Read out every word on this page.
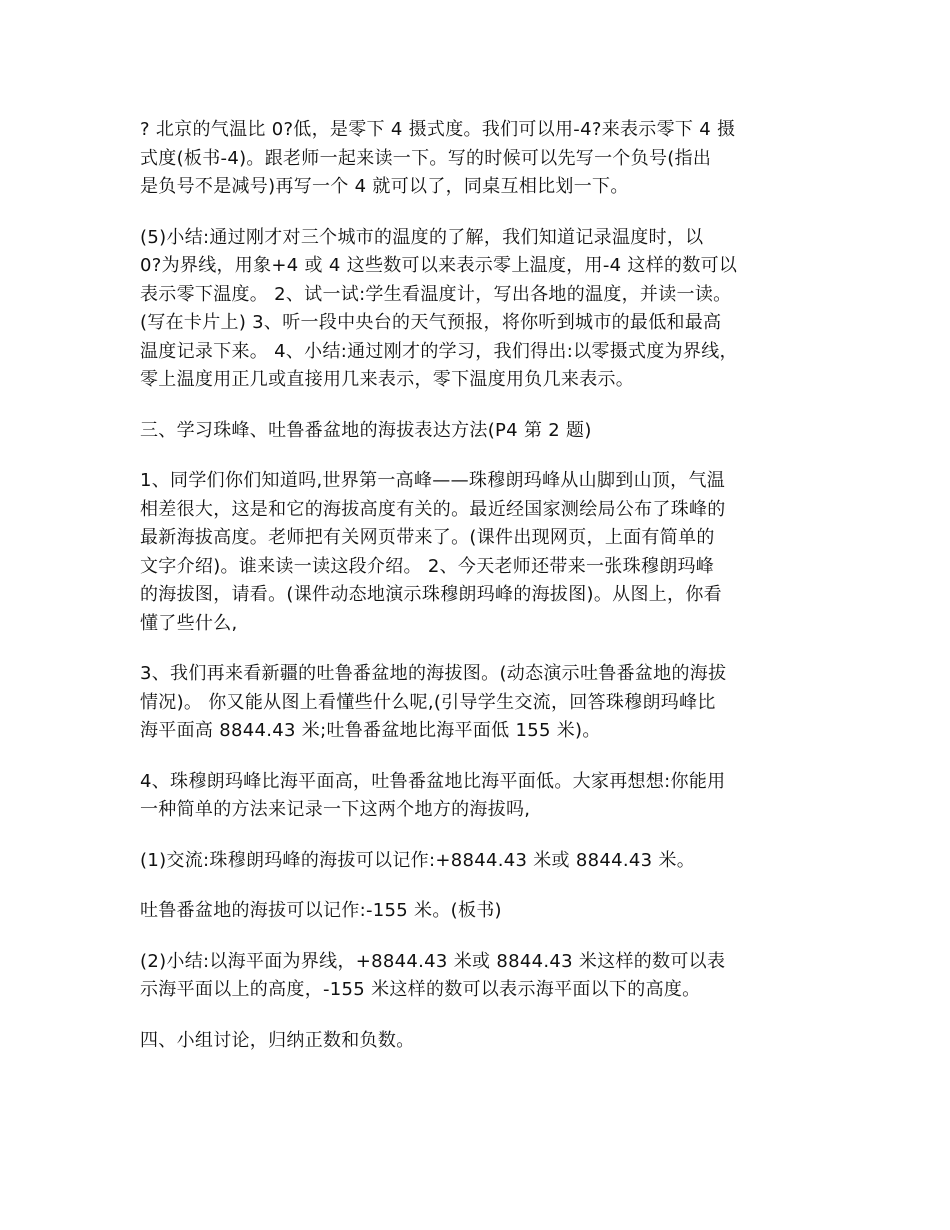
? 北京的气温比 0?低，是零下 4 摄式度。我们可以用-4?来表示零下 4 摄
式度(板书-4)。跟老师一起来读一下。写的时候可以先写一个负号(指出
是负号不是减号)再写一个 4 就可以了，同桌互相比划一下。

(5)小结:通过刚才对三个城市的温度的了解，我们知道记录温度时，以
0?为界线，用象+4 或 4 这些数可以来表示零上温度，用-4 这样的数可以
表示零下温度。 2、试一试:学生看温度计，写出各地的温度，并读一读。
(写在卡片上) 3、听一段中央台的天气预报，将你听到城市的最低和最高
温度记录下来。 4、小结:通过刚才的学习，我们得出:以零摄式度为界线，
零上温度用正几或直接用几来表示，零下温度用负几来表示。

三、学习珠峰、吐鲁番盆地的海拔表达方法(P4 第 2 题)

1、同学们你们知道吗,世界第一高峰——珠穆朗玛峰从山脚到山顶，气温
相差很大，这是和它的海拔高度有关的。最近经国家测绘局公布了珠峰的
最新海拔高度。老师把有关网页带来了。(课件出现网页，上面有简单的
文字介绍)。谁来读一读这段介绍。 2、今天老师还带来一张珠穆朗玛峰
的海拔图，请看。(课件动态地演示珠穆朗玛峰的海拔图)。从图上，你看
懂了些什么,

3、我们再来看新疆的吐鲁番盆地的海拔图。(动态演示吐鲁番盆地的海拔
情况)。 你又能从图上看懂些什么呢,(引导学生交流，回答珠穆朗玛峰比
海平面高 8844.43 米;吐鲁番盆地比海平面低 155 米)。

4、珠穆朗玛峰比海平面高，吐鲁番盆地比海平面低。大家再想想:你能用
一种简单的方法来记录一下这两个地方的海拔吗,

(1)交流:珠穆朗玛峰的海拔可以记作:+8844.43 米或 8844.43 米。

吐鲁番盆地的海拔可以记作:-155 米。(板书)

(2)小结:以海平面为界线，+8844.43 米或 8844.43 米这样的数可以表
示海平面以上的高度，-155 米这样的数可以表示海平面以下的高度。

四、小组讨论，归纳正数和负数。
